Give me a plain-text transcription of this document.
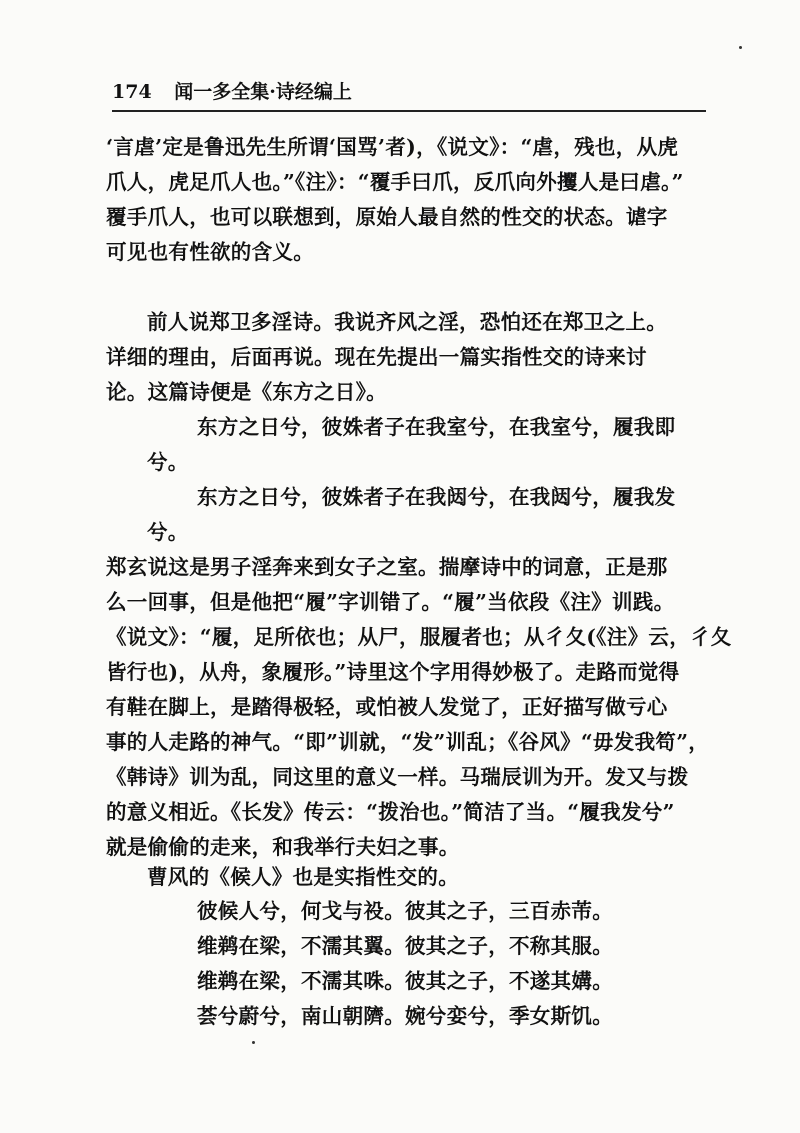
174 闻一多全集·诗经编上
‘言虐’定是鲁迅先生所谓‘国骂’者)，《说文》：“虐，残也，从虎
爪人，虎足爪人也。”《注》：“覆手曰爪，反爪向外攫人是曰虐。”
覆手爪人，也可以联想到，原始人最自然的性交的状态。谑字
可见也有性欲的含义。
前人说郑卫多淫诗。我说齐风之淫，恐怕还在郑卫之上。
详细的理由，后面再说。现在先提出一篇实指性交的诗来讨
论。这篇诗便是《东方之日》。
东方之日兮，彼姝者子在我室兮，在我室兮，履我即
兮。
东方之日兮，彼姝者子在我闼兮，在我闼兮，履我发
兮。
郑玄说这是男子淫奔来到女子之室。揣摩诗中的词意，正是那
么一回事，但是他把“履”字训错了。“履”当依段《注》训践。
《说文》：“履，足所依也；从尸，服履者也；从彳夂(《注》云，彳夂
皆行也)，从舟，象履形。”诗里这个字用得妙极了。走路而觉得
有鞋在脚上，是踏得极轻，或怕被人发觉了，正好描写做亏心
事的人走路的神气。“即”训就，“发”训乱；《谷风》“毋发我笱”，
《韩诗》训为乱，同这里的意义一样。马瑞辰训为开。发又与拨
的意义相近。《长发》传云：“拨治也。”简洁了当。“履我发兮”
就是偷偷的走来，和我举行夫妇之事。
曹风的《候人》也是实指性交的。
彼候人兮，何戈与祋。彼其之子，三百赤芾。
维鹈在梁，不濡其翼。彼其之子，不称其服。
维鹈在梁，不濡其咮。彼其之子，不遂其媾。
荟兮蔚兮，南山朝隮。婉兮娈兮，季女斯饥。
